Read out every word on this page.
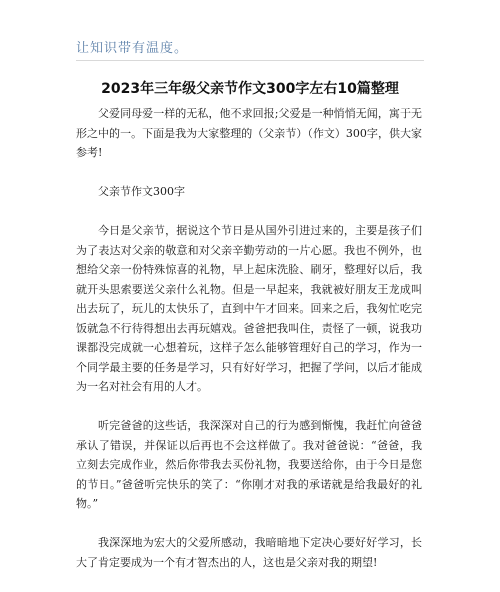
让知识带有温度。
2023年三年级父亲节作文300字左右10篇整理

父爱同母爱一样的无私，他不求回报;父爱是一种悄悄无闻，寓于无形之中的一。下面是我为大家整理的（父亲节）（作文）300字，供大家参考!

父亲节作文300字

今日是父亲节，据说这个节日是从国外引进过来的，主要是孩子们为了表达对父亲的敬意和对父亲辛勤劳动的一片心愿。我也不例外，也想给父亲一份特殊惊喜的礼物，早上起床洗脸、刷牙，整理好以后，我就开头思索要送父亲什么礼物。但是一早起来，我就被好朋友王龙成叫出去玩了，玩儿的太快乐了，直到中午才回来。回来之后，我匆忙吃完饭就急不行待得想出去再玩嬉戏。爸爸把我叫住，责怪了一顿，说我功课都没完成就一心想着玩，这样子怎么能够管理好自己的学习，作为一个同学最主要的任务是学习，只有好好学习，把握了学问，以后才能成为一名对社会有用的人才。

听完爸爸的这些话，我深深对自己的行为感到惭愧，我赶忙向爸爸承认了错误，并保证以后再也不会这样做了。我对爸爸说：“爸爸，我立刻去完成作业，然后你带我去买份礼物，我要送给你，由于今日是您的节日。”爸爸听完快乐的笑了：“你刚才对我的承诺就是给我最好的礼物。”

我深深地为宏大的父爱所感动，我暗暗地下定决心要好好学习，长大了肯定要成为一个有才智杰出的人，这也是父亲对我的期望!
